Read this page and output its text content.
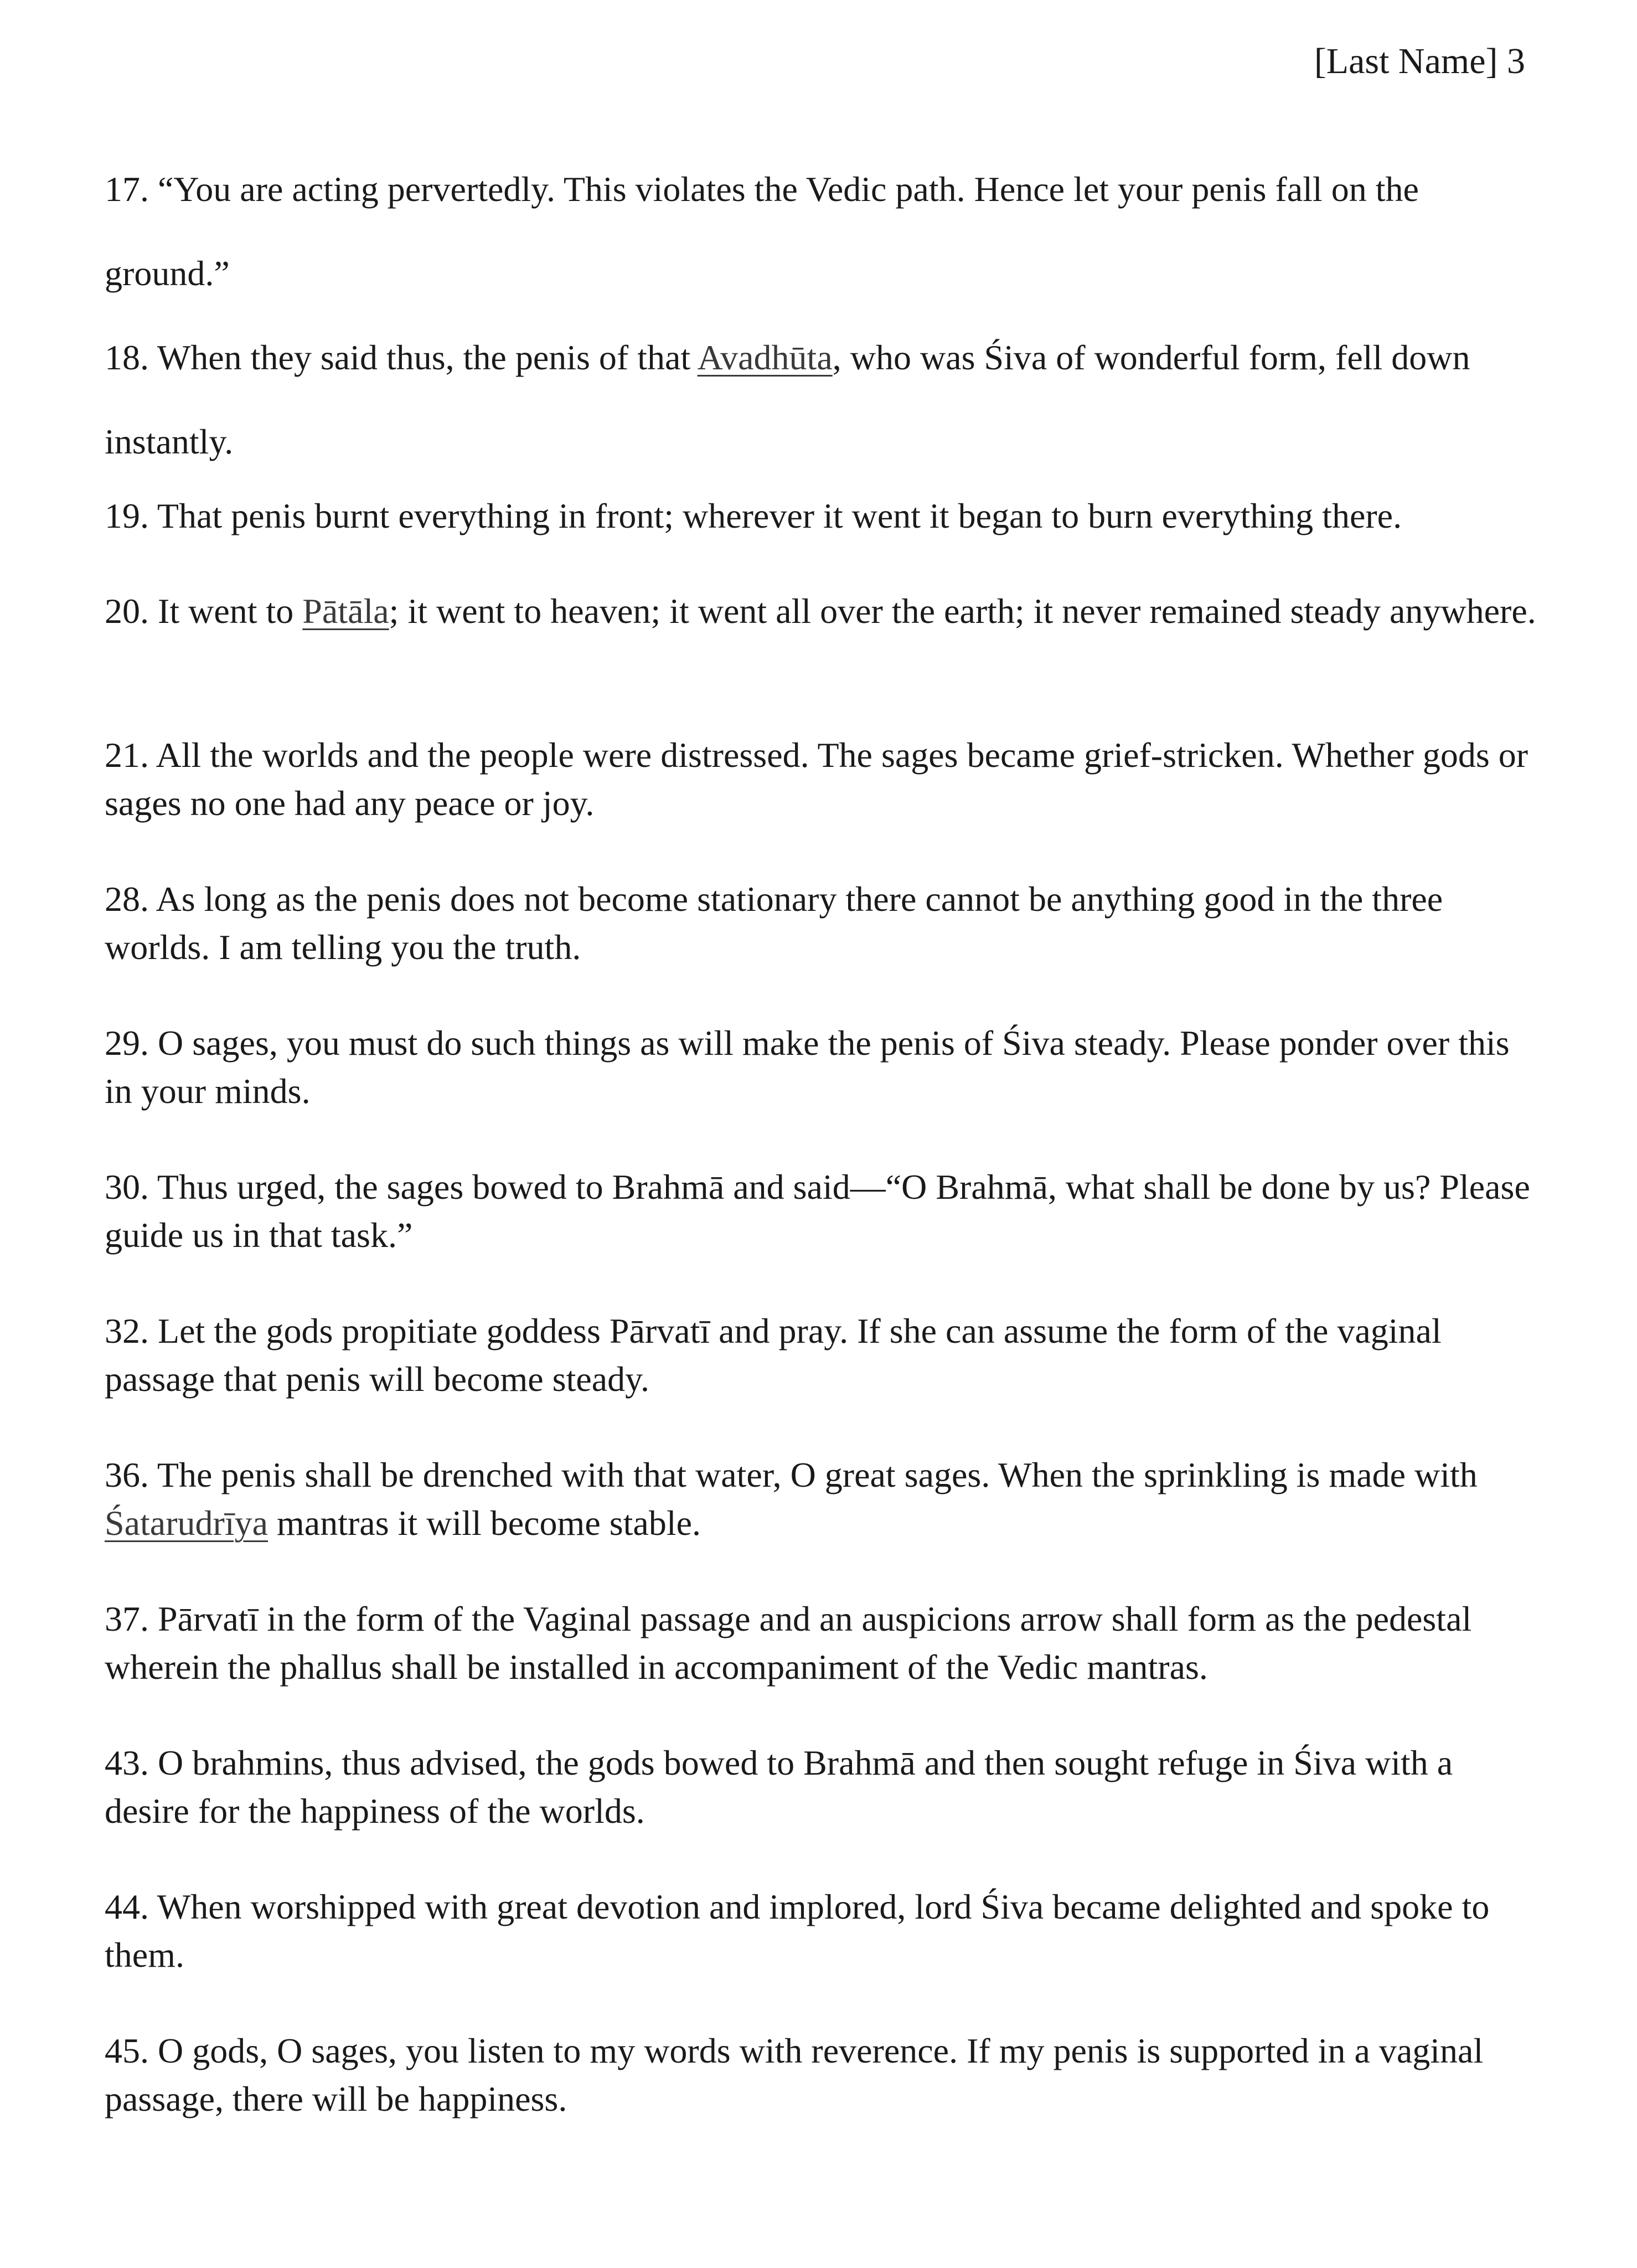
[Last Name] 3

17. “You are acting pervertedly. This violates the Vedic path. Hence let your penis fall on the ground.”

18. When they said thus, the penis of that Avadhūta, who was Śiva of wonderful form, fell down instantly.

19. That penis burnt everything in front; wherever it went it began to burn everything there.

20. It went to Pātāla; it went to heaven; it went all over the earth; it never remained steady anywhere.

21. All the worlds and the people were distressed. The sages became grief-stricken. Whether gods or sages no one had any peace or joy.

28. As long as the penis does not become stationary there cannot be anything good in the three worlds. I am telling you the truth.

29. O sages, you must do such things as will make the penis of Śiva steady. Please ponder over this in your minds.

30. Thus urged, the sages bowed to Brahmā and said—“O Brahmā, what shall be done by us? Please guide us in that task.”

32. Let the gods propitiate goddess Pārvatī and pray. If she can assume the form of the vaginal passage that penis will become steady.

36. The penis shall be drenched with that water, O great sages. When the sprinkling is made with Śatarudrīya mantras it will become stable.

37. Pārvatī in the form of the Vaginal passage and an auspicions arrow shall form as the pedestal wherein the phallus shall be installed in accompaniment of the Vedic mantras.

43. O brahmins, thus advised, the gods bowed to Brahmā and then sought refuge in Śiva with a desire for the happiness of the worlds.

44. When worshipped with great devotion and implored, lord Śiva became delighted and spoke to them.

45. O gods, O sages, you listen to my words with reverence. If my penis is supported in a vaginal passage, there will be happiness.
